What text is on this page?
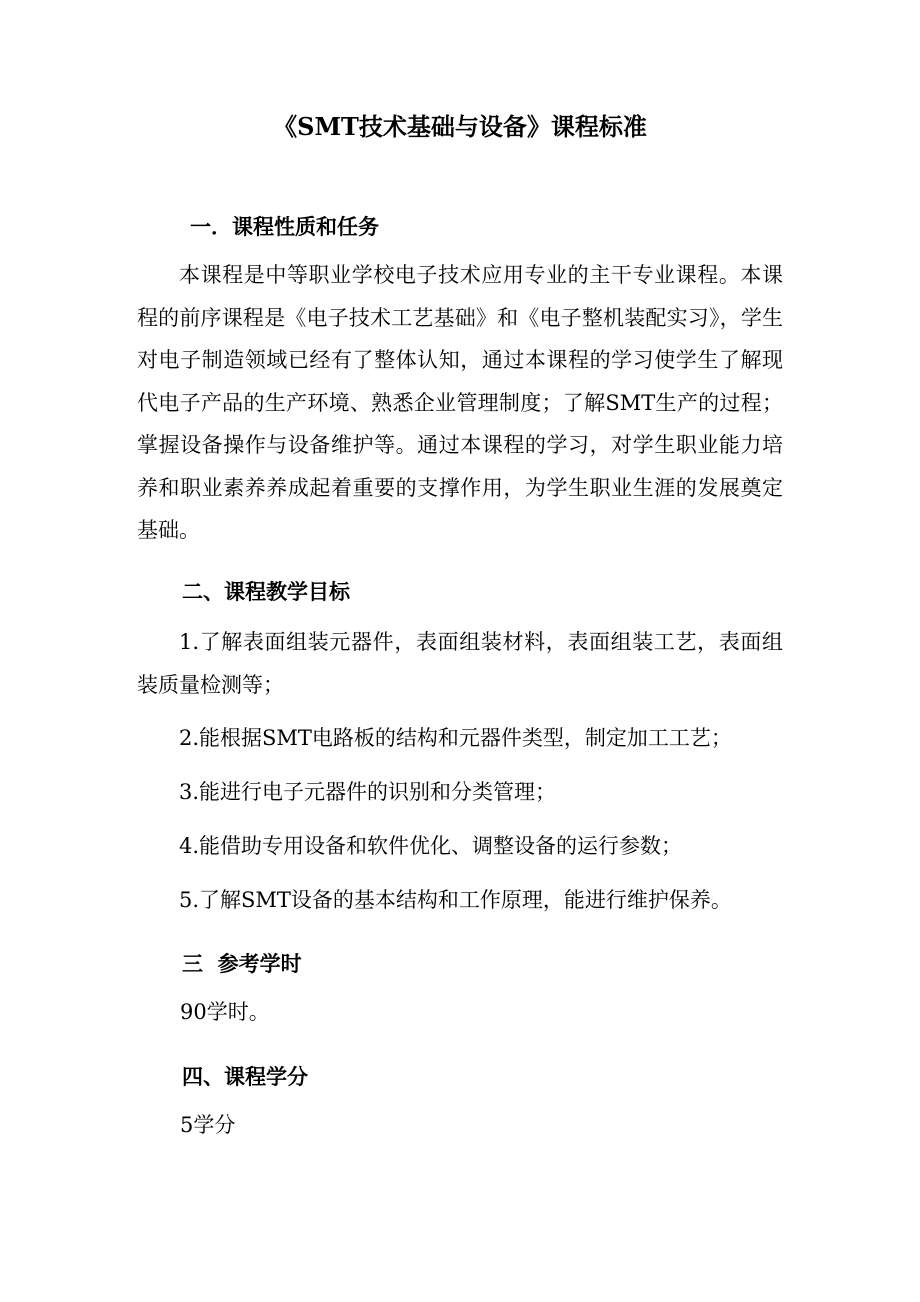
《SMT技术基础与设备》课程标准
一．课程性质和任务
本课程是中等职业学校电子技术应用专业的主干专业课程。本课程的前序课程是《电子技术工艺基础》和《电子整机装配实习》，学生对电子制造领域已经有了整体认知，通过本课程的学习使学生了解现代电子产品的生产环境、熟悉企业管理制度；了解SMT生产的过程；掌握设备操作与设备维护等。通过本课程的学习，对学生职业能力培养和职业素养养成起着重要的支撑作用，为学生职业生涯的发展奠定基础。
二、课程教学目标
1.了解表面组装元器件，表面组装材料，表面组装工艺，表面组装质量检测等；
2.能根据SMT电路板的结构和元器件类型，制定加工工艺；
3.能进行电子元器件的识别和分类管理；
4.能借助专用设备和软件优化、调整设备的运行参数；
5.了解SMT设备的基本结构和工作原理，能进行维护保养。
三  参考学时
90学时。
四、课程学分
5学分
